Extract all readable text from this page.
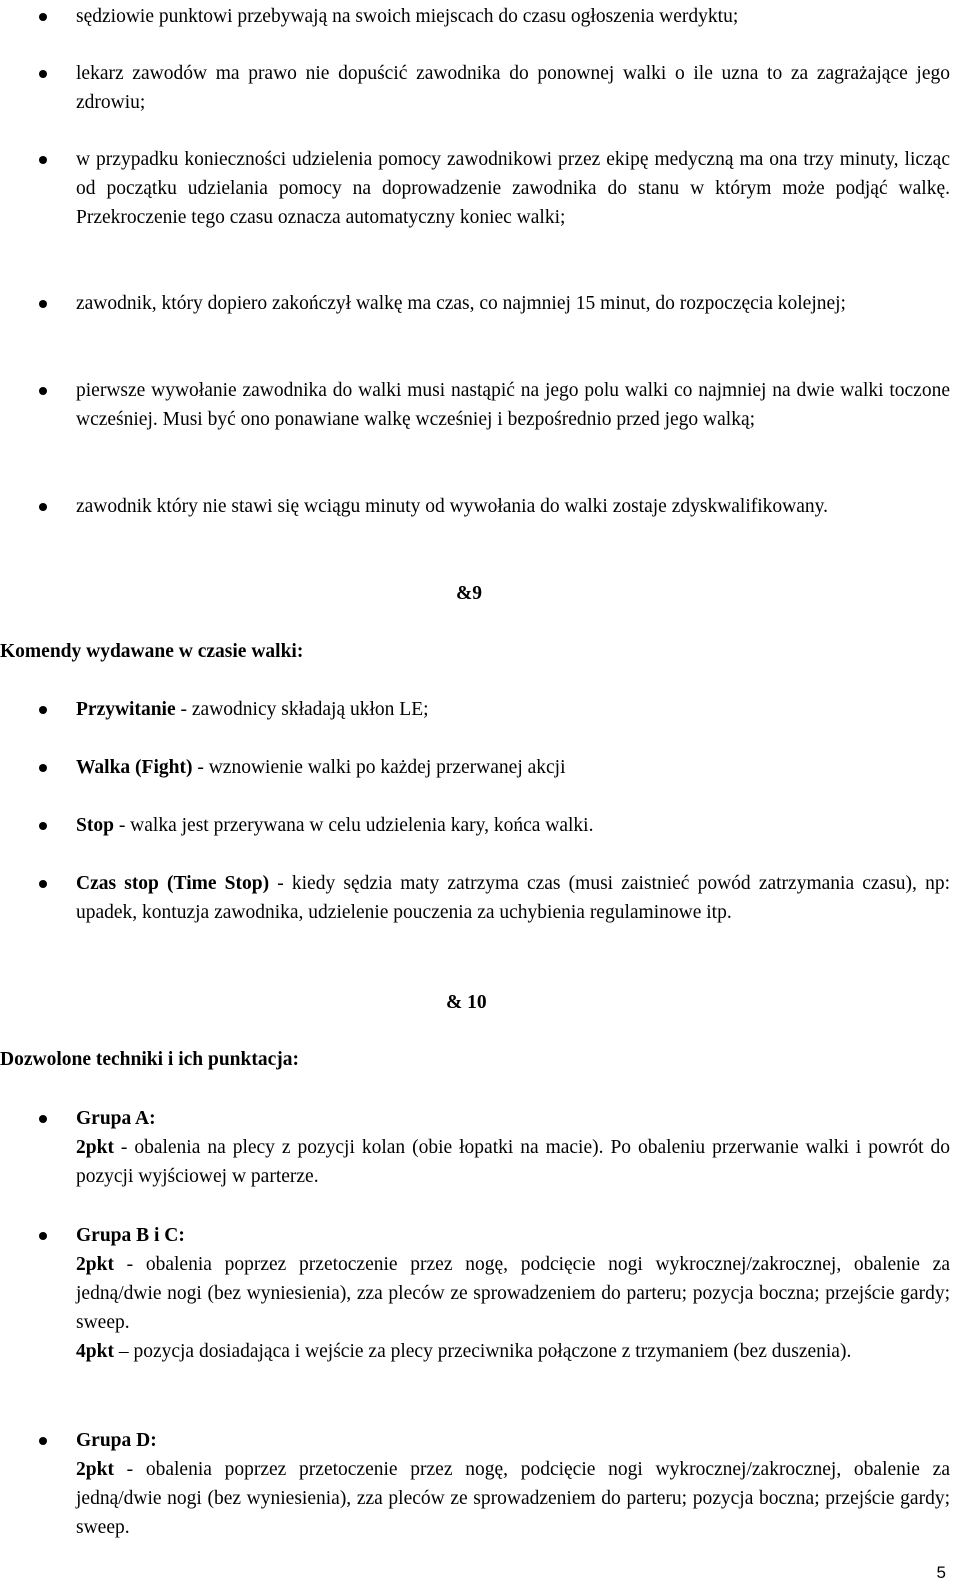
sędziowie punktowi przebywają na swoich miejscach do czasu ogłoszenia werdyktu;

lekarz zawodów ma prawo nie dopuścić zawodnika do ponownej walki o ile uzna to za zagrażające jego zdrowiu;

w przypadku konieczności udzielenia pomocy zawodnikowi przez ekipę medyczną ma ona trzy minuty, licząc od początku udzielania pomocy na doprowadzenie zawodnika do stanu w którym może podjąć walkę. Przekroczenie tego czasu oznacza automatyczny koniec walki;

zawodnik, który dopiero zakończył walkę ma czas, co najmniej 15 minut, do rozpoczęcia kolejnej;

pierwsze wywołanie zawodnika do walki musi nastąpić na jego polu walki co najmniej na dwie walki toczone wcześniej. Musi być ono ponawiane walkę wcześniej i bezpośrednio przed jego walką;

zawodnik który nie stawi się wciągu minuty od wywołania do walki zostaje zdyskwalifikowany.

&9
Komendy wydawane w czasie walki:

Przywitanie - zawodnicy składają ukłon LE;

Walka (Fight) - wznowienie walki po każdej przerwanej akcji

Stop - walka jest przerywana w celu udzielenia kary, końca walki.

Czas stop (Time Stop) - kiedy sędzia maty zatrzyma czas (musi zaistnieć powód zatrzymania czasu), np: upadek, kontuzja zawodnika, udzielenie pouczenia za uchybienia regulaminowe itp.

& 10
Dozwolone techniki i ich punktacja:

Grupa A:

2pkt - obalenia na plecy z pozycji kolan (obie łopatki na macie). Po obaleniu przerwanie walki i powrót do pozycji wyjściowej w parterze.

Grupa B i C:

2pkt - obalenia poprzez przetoczenie przez nogę, podcięcie nogi wykrocznej/zakrocznej, obalenie za jedną/dwie nogi (bez wyniesienia), zza pleców ze sprowadzeniem do parteru; pozycja boczna; przejście gardy; sweep.

4pkt – pozycja dosiadająca i wejście za plecy przeciwnika połączone z trzymaniem (bez duszenia).

Grupa D:

2pkt - obalenia poprzez przetoczenie przez nogę, podcięcie nogi wykrocznej/zakrocznej, obalenie za jedną/dwie nogi (bez wyniesienia), zza pleców ze sprowadzeniem do parteru; pozycja boczna; przejście gardy; sweep.

5
